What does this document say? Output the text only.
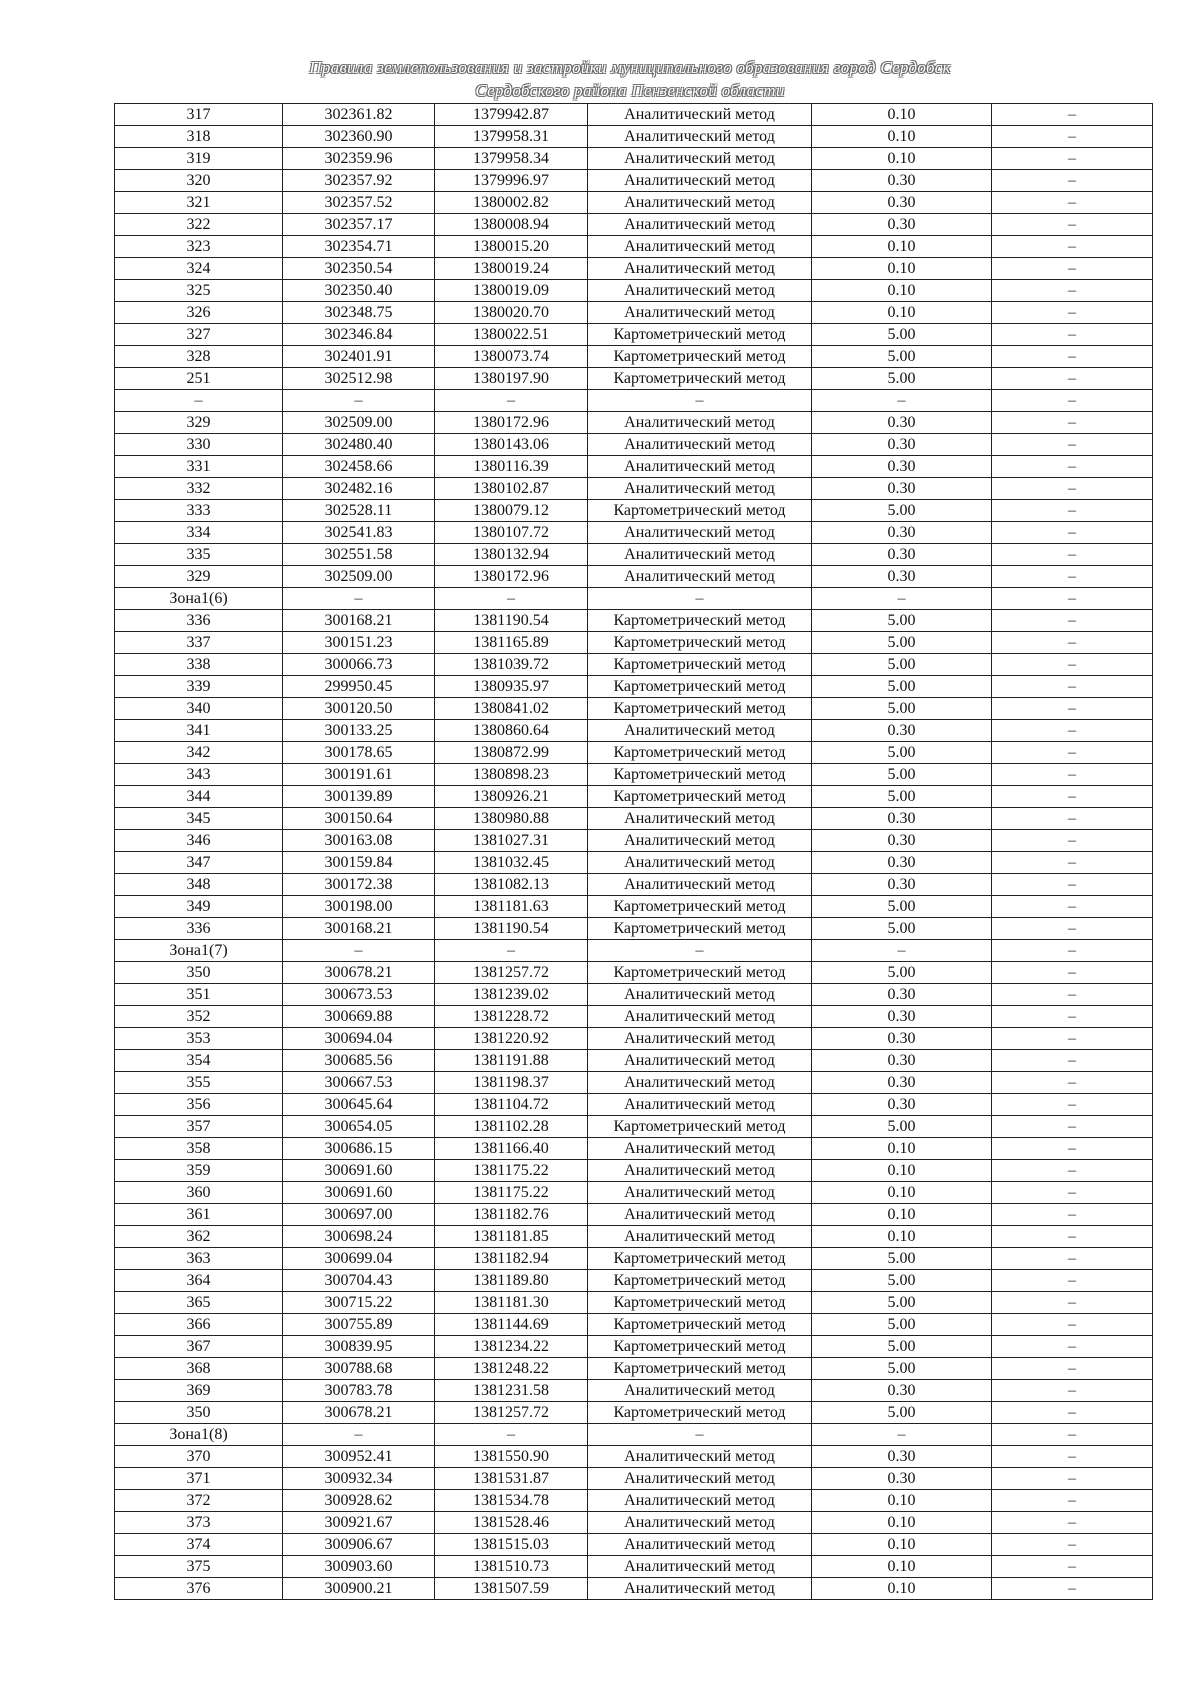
Правила землепользования и застройки муниципального образования город Сердобск
Сердобского района Пензенской области
317	302361.82	1379942.87	Аналитический метод	0.10	–
318	302360.90	1379958.31	Аналитический метод	0.10	–
319	302359.96	1379958.34	Аналитический метод	0.10	–
320	302357.92	1379996.97	Аналитический метод	0.30	–
321	302357.52	1380002.82	Аналитический метод	0.30	–
322	302357.17	1380008.94	Аналитический метод	0.30	–
323	302354.71	1380015.20	Аналитический метод	0.10	–
324	302350.54	1380019.24	Аналитический метод	0.10	–
325	302350.40	1380019.09	Аналитический метод	0.10	–
326	302348.75	1380020.70	Аналитический метод	0.10	–
327	302346.84	1380022.51	Картометрический метод	5.00	–
328	302401.91	1380073.74	Картометрический метод	5.00	–
251	302512.98	1380197.90	Картометрический метод	5.00	–
–	–	–	–	–	–
329	302509.00	1380172.96	Аналитический метод	0.30	–
330	302480.40	1380143.06	Аналитический метод	0.30	–
331	302458.66	1380116.39	Аналитический метод	0.30	–
332	302482.16	1380102.87	Аналитический метод	0.30	–
333	302528.11	1380079.12	Картометрический метод	5.00	–
334	302541.83	1380107.72	Аналитический метод	0.30	–
335	302551.58	1380132.94	Аналитический метод	0.30	–
329	302509.00	1380172.96	Аналитический метод	0.30	–
Зона1(6)	–	–	–	–	–
336	300168.21	1381190.54	Картометрический метод	5.00	–
337	300151.23	1381165.89	Картометрический метод	5.00	–
338	300066.73	1381039.72	Картометрический метод	5.00	–
339	299950.45	1380935.97	Картометрический метод	5.00	–
340	300120.50	1380841.02	Картометрический метод	5.00	–
341	300133.25	1380860.64	Аналитический метод	0.30	–
342	300178.65	1380872.99	Картометрический метод	5.00	–
343	300191.61	1380898.23	Картометрический метод	5.00	–
344	300139.89	1380926.21	Картометрический метод	5.00	–
345	300150.64	1380980.88	Аналитический метод	0.30	–
346	300163.08	1381027.31	Аналитический метод	0.30	–
347	300159.84	1381032.45	Аналитический метод	0.30	–
348	300172.38	1381082.13	Аналитический метод	0.30	–
349	300198.00	1381181.63	Картометрический метод	5.00	–
336	300168.21	1381190.54	Картометрический метод	5.00	–
Зона1(7)	–	–	–	–	–
350	300678.21	1381257.72	Картометрический метод	5.00	–
351	300673.53	1381239.02	Аналитический метод	0.30	–
352	300669.88	1381228.72	Аналитический метод	0.30	–
353	300694.04	1381220.92	Аналитический метод	0.30	–
354	300685.56	1381191.88	Аналитический метод	0.30	–
355	300667.53	1381198.37	Аналитический метод	0.30	–
356	300645.64	1381104.72	Аналитический метод	0.30	–
357	300654.05	1381102.28	Картометрический метод	5.00	–
358	300686.15	1381166.40	Аналитический метод	0.10	–
359	300691.60	1381175.22	Аналитический метод	0.10	–
360	300691.60	1381175.22	Аналитический метод	0.10	–
361	300697.00	1381182.76	Аналитический метод	0.10	–
362	300698.24	1381181.85	Аналитический метод	0.10	–
363	300699.04	1381182.94	Картометрический метод	5.00	–
364	300704.43	1381189.80	Картометрический метод	5.00	–
365	300715.22	1381181.30	Картометрический метод	5.00	–
366	300755.89	1381144.69	Картометрический метод	5.00	–
367	300839.95	1381234.22	Картометрический метод	5.00	–
368	300788.68	1381248.22	Картометрический метод	5.00	–
369	300783.78	1381231.58	Аналитический метод	0.30	–
350	300678.21	1381257.72	Картометрический метод	5.00	–
Зона1(8)	–	–	–	–	–
370	300952.41	1381550.90	Аналитический метод	0.30	–
371	300932.34	1381531.87	Аналитический метод	0.30	–
372	300928.62	1381534.78	Аналитический метод	0.10	–
373	300921.67	1381528.46	Аналитический метод	0.10	–
374	300906.67	1381515.03	Аналитический метод	0.10	–
375	300903.60	1381510.73	Аналитический метод	0.10	–
376	300900.21	1381507.59	Аналитический метод	0.10	–
